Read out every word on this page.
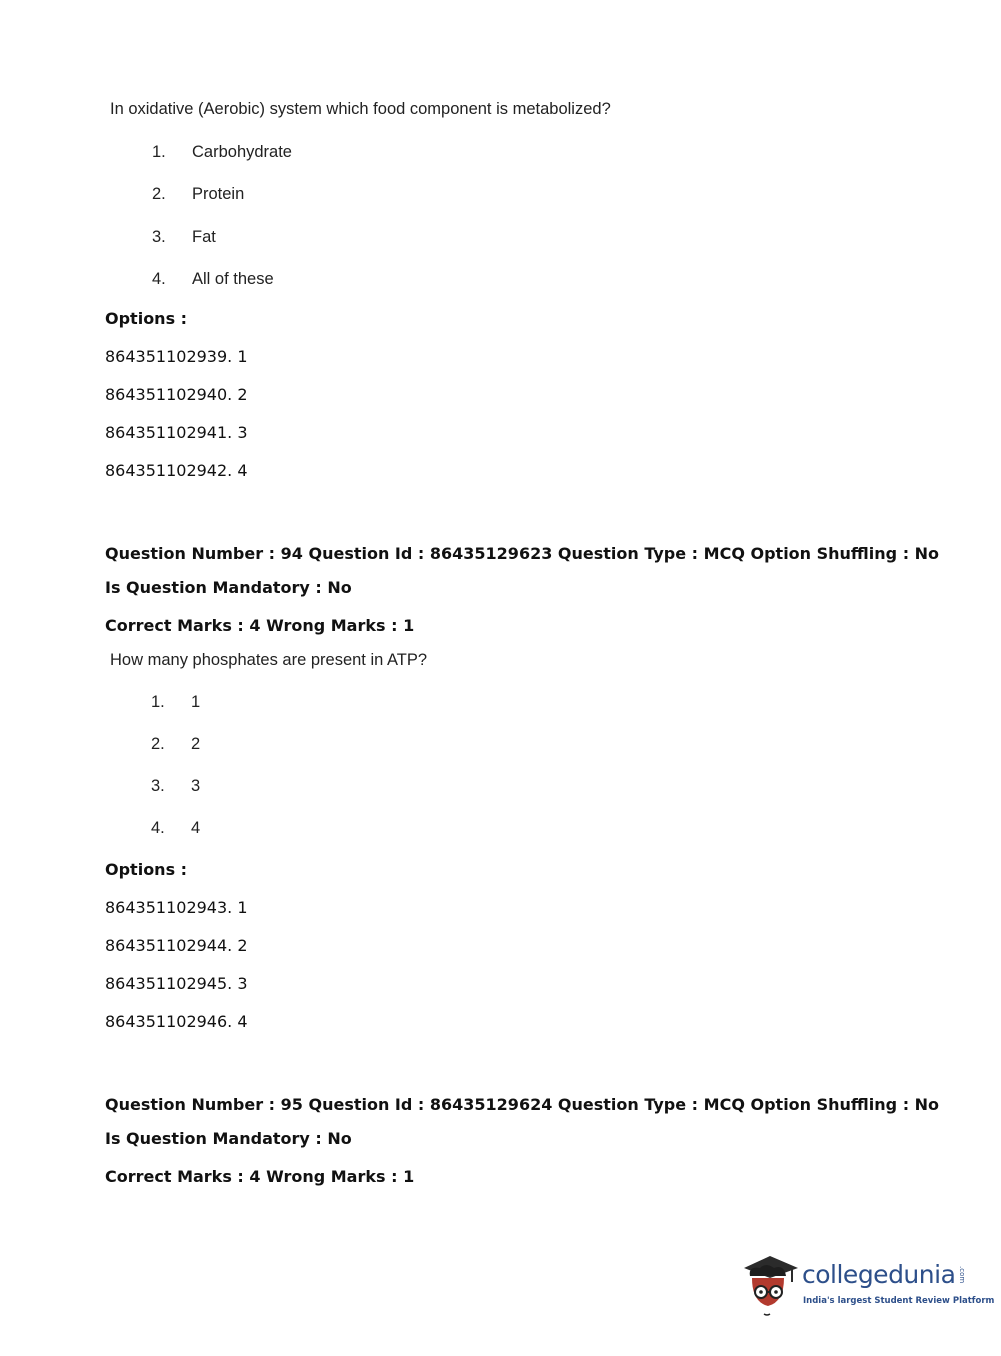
In oxidative (Aerobic) system which food component is metabolized?
1. Carbohydrate
2. Protein
3. Fat
4. All of these
Options :
864351102939. 1
864351102940. 2
864351102941. 3
864351102942. 4
Question Number : 94 Question Id : 86435129623 Question Type : MCQ Option Shuffling : No
Is Question Mandatory : No
Correct Marks : 4 Wrong Marks : 1
How many phosphates are present in ATP?
1. 1
2. 2
3. 3
4. 4
Options :
864351102943. 1
864351102944. 2
864351102945. 3
864351102946. 4
Question Number : 95 Question Id : 86435129624 Question Type : MCQ Option Shuffling : No
Is Question Mandatory : No
Correct Marks : 4 Wrong Marks : 1
collegedunia .com
India's largest Student Review Platform
